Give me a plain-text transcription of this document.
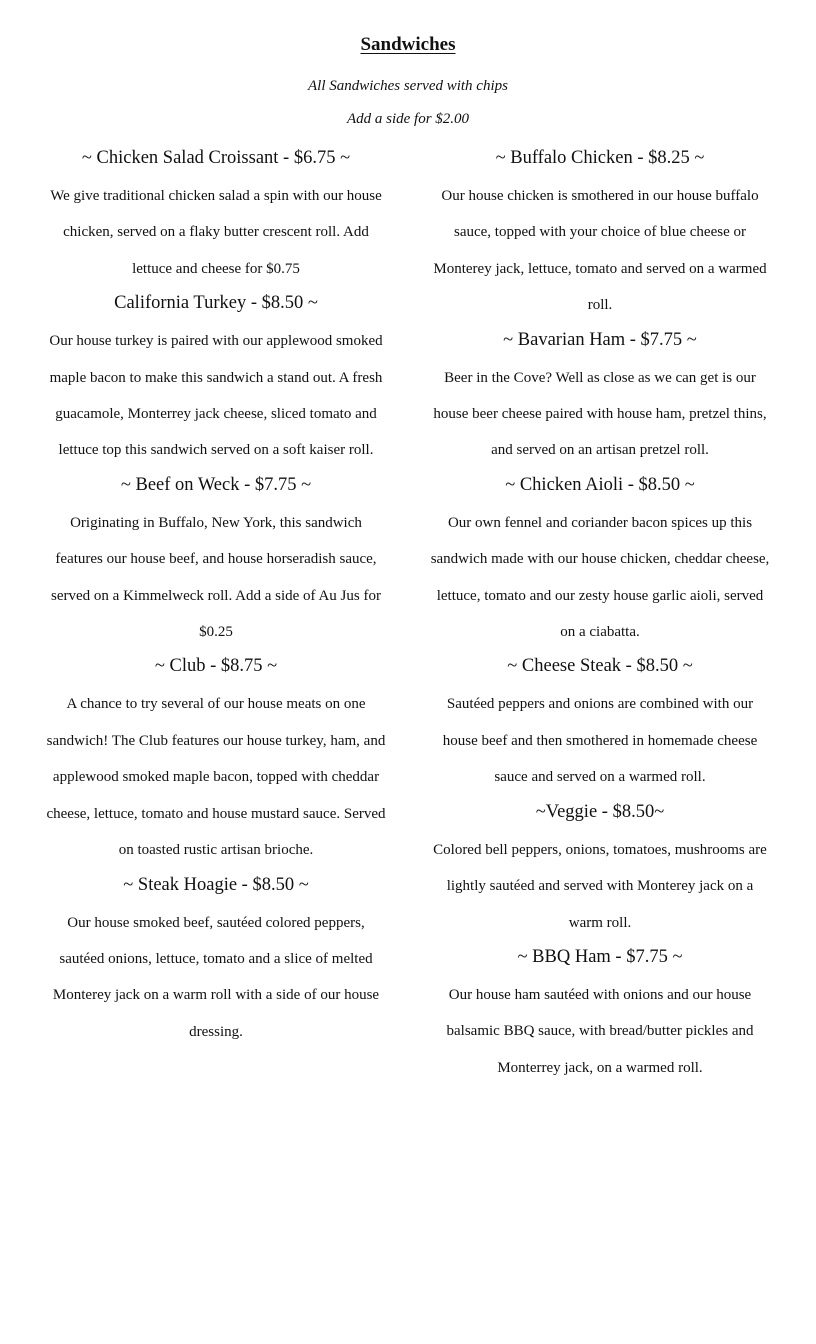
Sandwiches
All Sandwiches served with chips
Add a side for $2.00
~ Chicken Salad Croissant - $6.75 ~
We give traditional chicken salad a spin with our house chicken, served on a flaky butter crescent roll. Add lettuce and cheese for $0.75
California Turkey - $8.50 ~
Our house turkey is paired with our applewood smoked maple bacon to make this sandwich a stand out. A fresh guacamole, Monterrey jack cheese, sliced tomato and lettuce top this sandwich served on a soft kaiser roll.
~ Beef on Weck - $7.75 ~
Originating in Buffalo, New York, this sandwich features our house beef, and house horseradish sauce, served on a Kimmelweck roll. Add a side of Au Jus for $0.25
~ Club - $8.75 ~
A chance to try several of our house meats on one sandwich! The Club features our house turkey, ham, and applewood smoked maple bacon, topped with cheddar cheese, lettuce, tomato and house mustard sauce. Served on toasted rustic artisan brioche.
~ Steak Hoagie - $8.50 ~
Our house smoked beef, sautéed colored peppers, sautéed onions, lettuce, tomato and a slice of melted Monterey jack on a warm roll with a side of our house dressing.
~ Buffalo Chicken - $8.25 ~
Our house chicken is smothered in our house buffalo sauce, topped with your choice of blue cheese or Monterey jack, lettuce, tomato and served on a warmed roll.
~ Bavarian Ham - $7.75 ~
Beer in the Cove? Well as close as we can get is our house beer cheese paired with house ham, pretzel thins, and served on an artisan pretzel roll.
~ Chicken Aioli - $8.50 ~
Our own fennel and coriander bacon spices up this sandwich made with our house chicken, cheddar cheese, lettuce, tomato and our zesty house garlic aioli, served on a ciabatta.
~ Cheese Steak - $8.50 ~
Sautéed peppers and onions are combined with our house beef and then smothered in homemade cheese sauce and served on a warmed roll.
~Veggie - $8.50~
Colored bell peppers, onions, tomatoes, mushrooms are lightly sautéed and served with Monterey jack on a warm roll.
~ BBQ Ham - $7.75 ~
Our house ham sautéed with onions and our house balsamic BBQ sauce, with bread/butter pickles and Monterrey jack, on a warmed roll.
